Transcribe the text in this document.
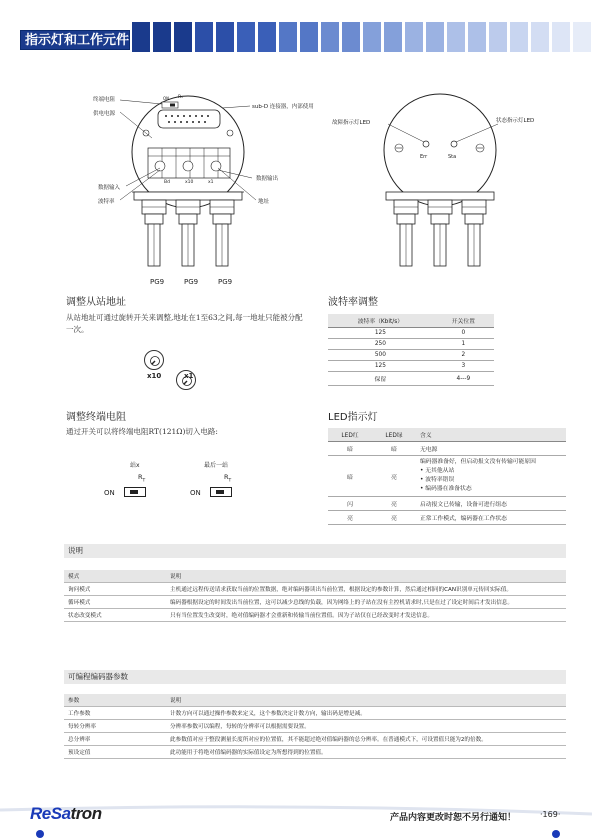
指示灯和工作元件
终端电阻
供电电源
sub-D 连接器，内部使用
数据输入
波特率
数据输出
地址
ON
Bd	x10	x1
R₁
PG9	PG9	PG9
故障指示灯LED	状态指示灯LED
Err	Sta
调整从站地址
从站地址可通过旋转开关来调整,地址在1至63之间,每一地址只能被分配一次。
x10	x1
波特率调整
波特率（Kbit/s）	开关位置
125	0
250	1
500	2
125	3
保留	4---9
调整终端电阻
通过开关可以将终端电阻RT(121Ω)切入电路:
站x
$R_T$
ON
最后一站
$R_T$
ON
LED指示灯
LED红	LED绿	含义
暗	暗	无电源
暗	亮	编码器准备好，但启动报文没有传输可能原因
• 无其他从站
• 波特率错误
• 编码器在准备状态

闪	亮	启动报文已传输，设备可进行组态
亮	亮	正常工作模式，编码器在工作状态
说明
模式	说明
询问模式	主机通过远程传送请求获取当前的位置数据，绝对编码器读出当前位置，根据设定的参数计算，然后通过相同的CAN识别单元传回实际值。
循环模式	编码器根据设定的时间发出当前位置，这可以减少总线的负载，因为网络上的子站在没有主控机请求时,只是在过了设定时间后才发出信息。
状态改变模式	只有当位置发生改变时，绝对值编码器才会重新和传输当前位置值。因为子站仅在已经改变时才发送信息。
可编程编码器参数
参数	说明
工作参数	计数方向可以通过操作参数来定义，这个参数决定计数方向，输出码是增是减。
每转分辨率	分辨率参数可以编程，每转的分辨率可以根据需要设置。
总分辨率	此参数值对应于整段测量长度所对应的位置值，其不能超过绝对值编码器的总分辨率。在普通模式下，可设置值只能为2的倍数。
预设定值	此功能用于将绝对值编码器的实际值设定为所想得到的位置值。
ReSatron	产品内容更改时恕不另行通知！	·169·
